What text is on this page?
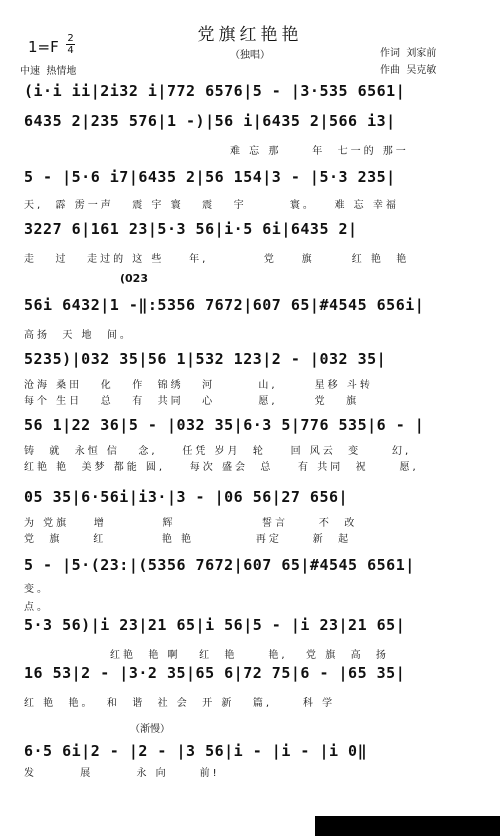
党旗红艳艳
（独唱）	作词  刘家前
作曲  吴克敏
1=F 2
4
中速  热情地
(023
（渐慢）
(i·i ii|2i32 i|772 6576|5 - |3·535 6561|
6435 2|235 576|1 -)|56 i|6435 2|566 i3|
难 忘 那     年  七一的 那一
5 - |5·6 i7|6435 2|56 154|3 - |5·3 235|
天,  霹 雳一声   震 宇 寰   震   宇       寰。   难 忘 幸福
3227 6|161 23|5·3 56|i·5 6i|6435 2|
走   过   走过的 这 些    年,         党    旗      红 艳  艳
56i 6432|1 -‖:5356 7672|607 65|#4545 656i|
高扬  天 地  间。
5235)|032 35|56 1|532 123|2 - |032 35|
沧海 桑田   化   作  锦绣   河       山,      星移 斗转
每个 生日   总   有  共同   心       愿,      党   旗
56 1|22 36|5 - |032 35|6·3 5|776 535|6 - |
铸  就  永恒 信   念,    任凭 岁月  轮    回 风云  变     幻,
红艳 艳  美梦 都能 圆,    每次 盛会  总    有 共同  祝     愿,
05 35|6·56i|i3·|3 - |06 56|27 656|
为 党旗    增         辉              誓言     不  改
党  旗     红         艳 艳          再定     新  起
5 - |5·(23:|(5356 7672|607 65|#4545 6561|
变。
点。
5·3 56)|i 23|21 65|i 56|5 - |i 23|21 65|
红艳  艳 啊   红  艳     艳,   党 旗  高  扬
16 53|2 - |3·2 35|65 6|72 75|6 - |65 35|
红 艳  艳。  和  谐  社 会  开 新   篇,     科 学
6·5 6i|2 - |2 - |3 56|i - |i - |i 0‖
发       展       永 向     前!
